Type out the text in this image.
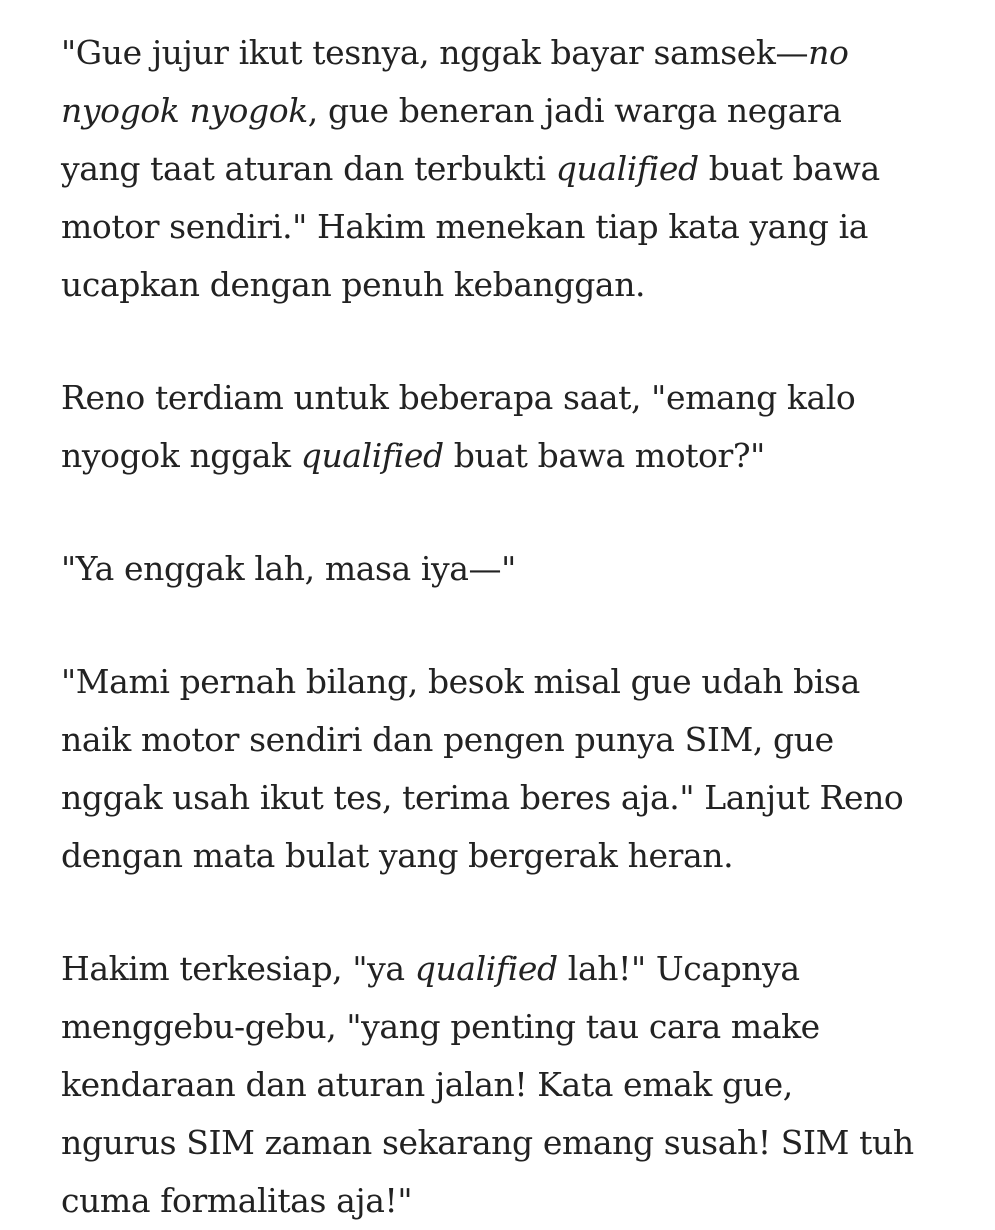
"Gue jujur ikut tesnya, nggak bayar samsek—no
nyogok nyogok, gue beneran jadi warga negara
yang taat aturan dan terbukti qualified buat bawa
motor sendiri." Hakim menekan tiap kata yang ia
ucapkan dengan penuh kebanggan.

Reno terdiam untuk beberapa saat, "emang kalo
nyogok nggak qualified buat bawa motor?"

"Ya enggak lah, masa iya—"

"Mami pernah bilang, besok misal gue udah bisa
naik motor sendiri dan pengen punya SIM, gue
nggak usah ikut tes, terima beres aja." Lanjut Reno
dengan mata bulat yang bergerak heran.

Hakim terkesiap, "ya qualified lah!" Ucapnya
menggebu-gebu, "yang penting tau cara make
kendaraan dan aturan jalan! Kata emak gue,
ngurus SIM zaman sekarang emang susah! SIM tuh
cuma formalitas aja!"
